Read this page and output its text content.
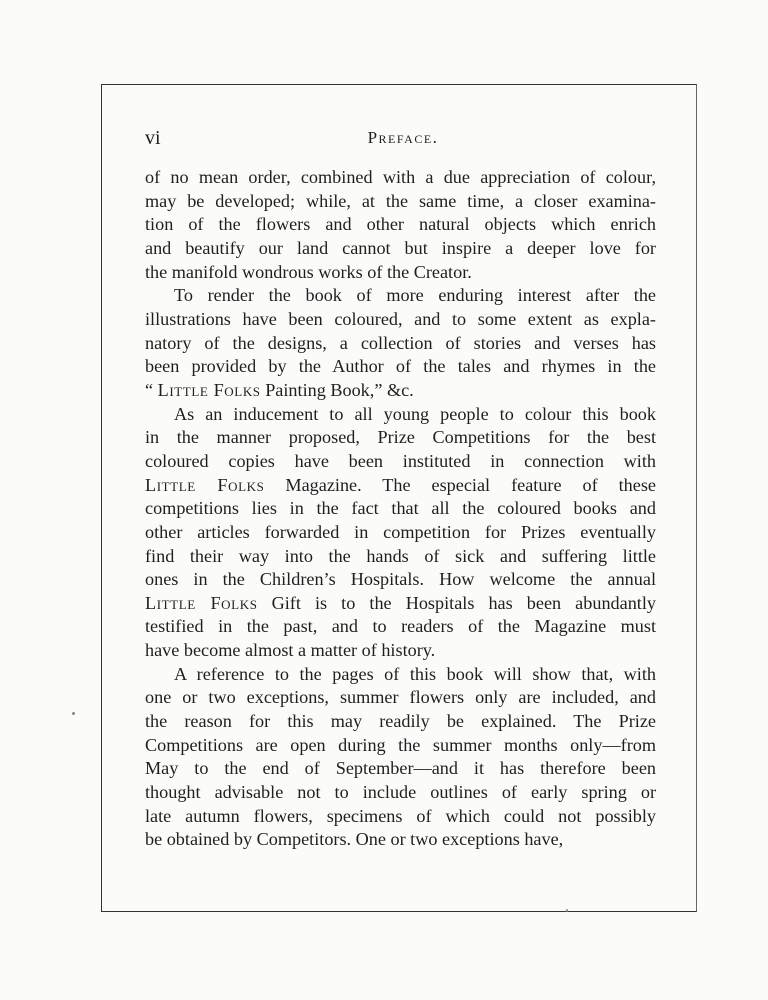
vi	Preface.

of no mean order, combined with a due appreciation of colour,
may be developed; while, at the same time, a closer examina-
tion of the flowers and other natural objects which enrich
and beautify our land cannot but inspire a deeper love for
the manifold wondrous works of the Creator.

To render the book of more enduring interest after the
illustrations have been coloured, and to some extent as expla-
natory of the designs, a collection of stories and verses has
been provided by the Author of the tales and rhymes in the
“ Little Folks Painting Book,” &c.

As an inducement to all young people to colour this book
in the manner proposed, Prize Competitions for the best
coloured copies have been instituted in connection with
Little Folks Magazine. The especial feature of these
competitions lies in the fact that all the coloured books and
other articles forwarded in competition for Prizes eventually
find their way into the hands of sick and suffering little
ones in the Children’s Hospitals. How welcome the annual
Little Folks Gift is to the Hospitals has been abundantly
testified in the past, and to readers of the Magazine must
have become almost a matter of history.

A reference to the pages of this book will show that, with
one or two exceptions, summer flowers only are included, and
the reason for this may readily be explained. The Prize
Competitions are open during the summer months only—from
May to the end of September—and it has therefore been
thought advisable not to include outlines of early spring or
late autumn flowers, specimens of which could not possibly
be obtained by Competitors. One or two exceptions have,
